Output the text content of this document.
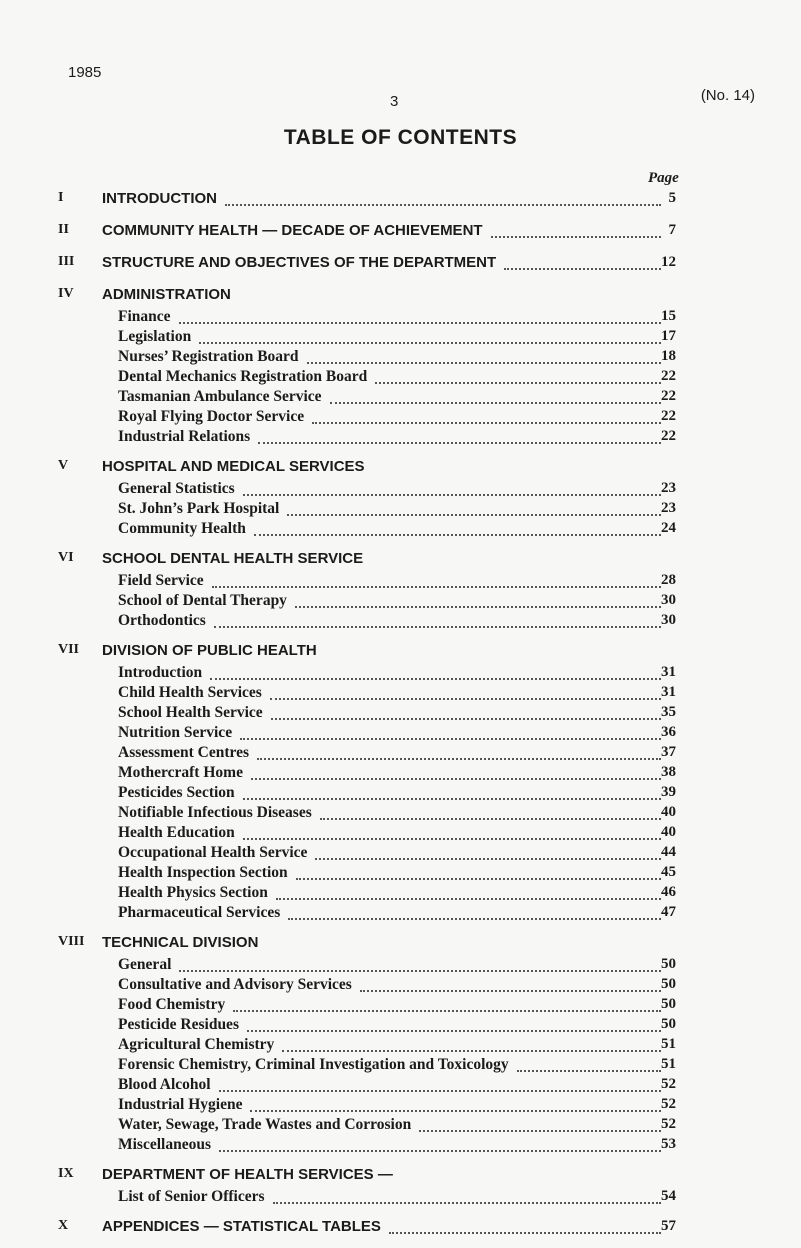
1985
(No. 14)
3
TABLE OF CONTENTS
Page
I	INTRODUCTION	5
II	COMMUNITY HEALTH — DECADE OF ACHIEVEMENT	7
III	STRUCTURE AND OBJECTIVES OF THE DEPARTMENT	12
IV	ADMINISTRATION
Finance	15
Legislation	17
Nurses’ Registration Board	18
Dental Mechanics Registration Board	22
Tasmanian Ambulance Service	22
Royal Flying Doctor Service	22
Industrial Relations	22
V	HOSPITAL AND MEDICAL SERVICES
General Statistics	23
St. John’s Park Hospital	23
Community Health	24
VI	SCHOOL DENTAL HEALTH SERVICE
Field Service	28
School of Dental Therapy	30
Orthodontics	30
VII	DIVISION OF PUBLIC HEALTH
Introduction	31
Child Health Services	31
School Health Service	35
Nutrition Service	36
Assessment Centres	37
Mothercraft Home	38
Pesticides Section	39
Notifiable Infectious Diseases	40
Health Education	40
Occupational Health Service	44
Health Inspection Section	45
Health Physics Section	46
Pharmaceutical Services	47
VIII	TECHNICAL DIVISION
General	50
Consultative and Advisory Services	50
Food Chemistry	50
Pesticide Residues	50
Agricultural Chemistry	51
Forensic Chemistry, Criminal Investigation and Toxicology	51
Blood Alcohol	52
Industrial Hygiene	52
Water, Sewage, Trade Wastes and Corrosion	52
Miscellaneous	53
IX	DEPARTMENT OF HEALTH SERVICES —
List of Senior Officers	54
X	APPENDICES — STATISTICAL TABLES	57
